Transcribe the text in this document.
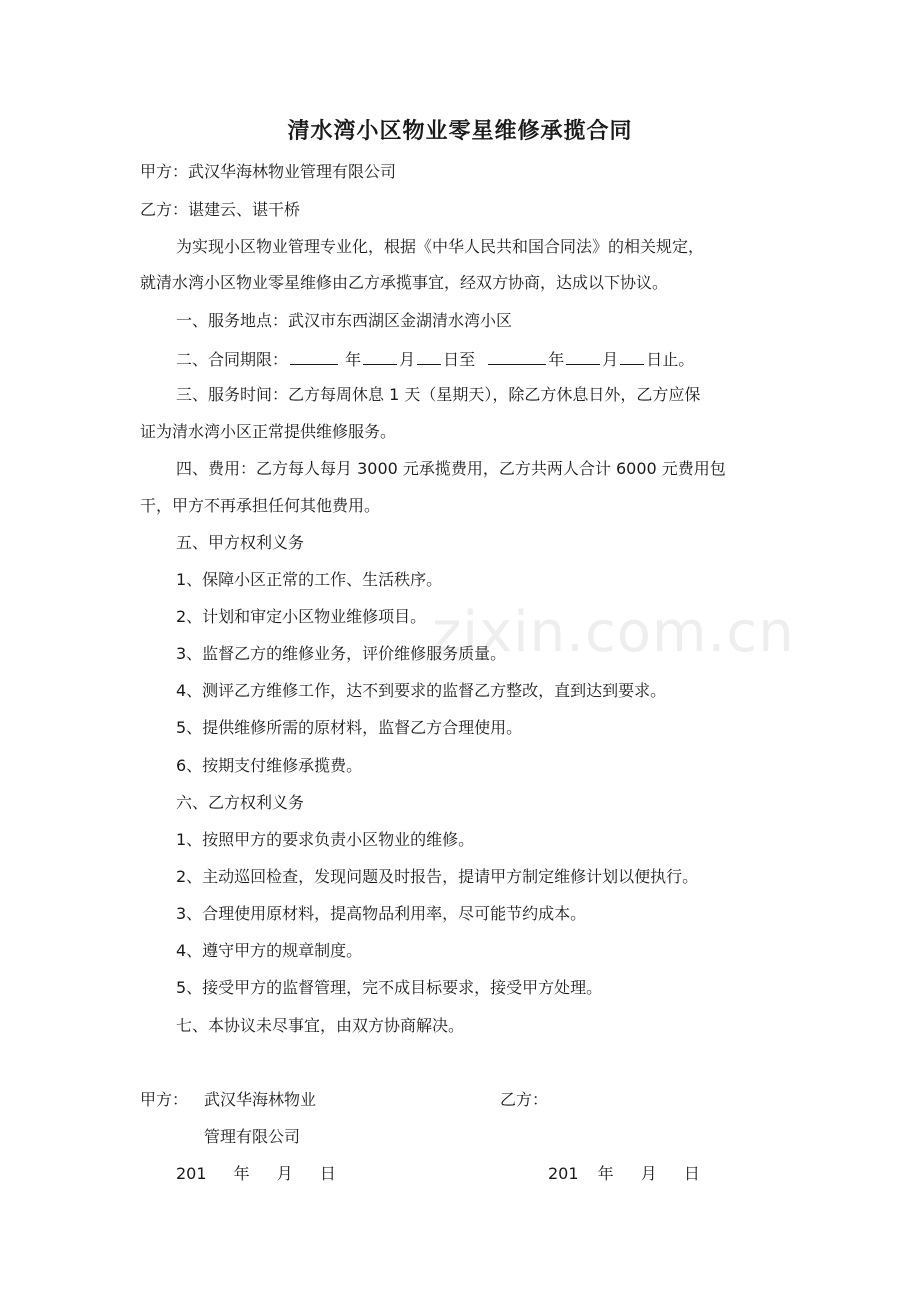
清水湾小区物业零星维修承揽合同
甲方：武汉华海林物业管理有限公司
乙方：谌建云、谌干桥
为实现小区物业管理专业化，根据《中华人民共和国合同法》的相关规定，
就清水湾小区物业零星维修由乙方承揽事宜，经双方协商，达成以下协议。
一、服务地点：武汉市东西湖区金湖清水湾小区
二、合同期限：	年 月 日至	年 月 日止。
三、服务时间：乙方每周休息 1 天（星期天），除乙方休息日外，乙方应保
证为清水湾小区正常提供维修服务。
四、费用：乙方每人每月 3000 元承揽费用，乙方共两人合计 6000 元费用包
干，甲方不再承担任何其他费用。
五、甲方权利义务
1、保障小区正常的工作、生活秩序。
2、计划和审定小区物业维修项目。
3、监督乙方的维修业务，评价维修服务质量。
4、测评乙方维修工作，达不到要求的监督乙方整改，直到达到要求。
5、提供维修所需的原材料，监督乙方合理使用。
6、按期支付维修承揽费。
六、乙方权利义务
1、按照甲方的要求负责小区物业的维修。
2、主动巡回检查，发现问题及时报告，提请甲方制定维修计划以便执行。
3、合理使用原材料，提高物品利用率，尽可能节约成本。
4、遵守甲方的规章制度。
5、接受甲方的监督管理，完不成目标要求，接受甲方处理。
七、本协议未尽事宜，由双方协商解决。
甲方： 武汉华海林物业
管理有限公司
乙方：
201 年 月 日	201 年 月 日
zixin.com.cn
